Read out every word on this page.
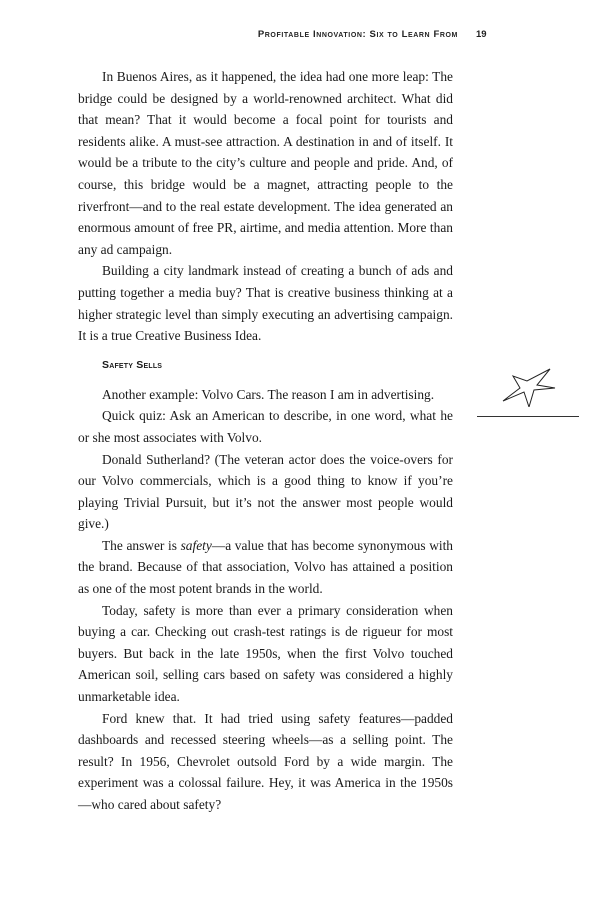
Profitable Innovation: Six to Learn From 19

In Buenos Aires, as it happened, the idea had one more leap: The bridge could be designed by a world-renowned architect. What did that mean? That it would become a focal point for tourists and residents alike. A must-see attraction. A destination in and of itself. It would be a tribute to the city’s culture and people and pride. And, of course, this bridge would be a magnet, attracting people to the riverfront—and to the real estate development. The idea generated an enormous amount of free PR, airtime, and media attention. More than any ad campaign.

Building a city landmark instead of creating a bunch of ads and putting together a media buy? That is creative business thinking at a higher strategic level than simply executing an advertising campaign. It is a true Creative Business Idea.

Safety Sells

Another example: Volvo Cars. The reason I am in advertising.

Quick quiz: Ask an American to describe, in one word, what he or she most associates with Volvo.

Donald Sutherland? (The veteran actor does the voice-overs for our Volvo commercials, which is a good thing to know if you’re playing Trivial Pursuit, but it’s not the answer most people would give.)

The answer is safety—a value that has become synonymous with the brand. Because of that association, Volvo has attained a position as one of the most potent brands in the world.

Today, safety is more than ever a primary consideration when buying a car. Checking out crash-test ratings is de rigueur for most buyers. But back in the late 1950s, when the first Volvo touched American soil, selling cars based on safety was considered a highly unmarketable idea.

Ford knew that. It had tried using safety features—padded dashboards and recessed steering wheels—as a selling point. The result? In 1956, Chevrolet outsold Ford by a wide margin. The experiment was a colossal failure. Hey, it was America in the 1950s—who cared about safety?
